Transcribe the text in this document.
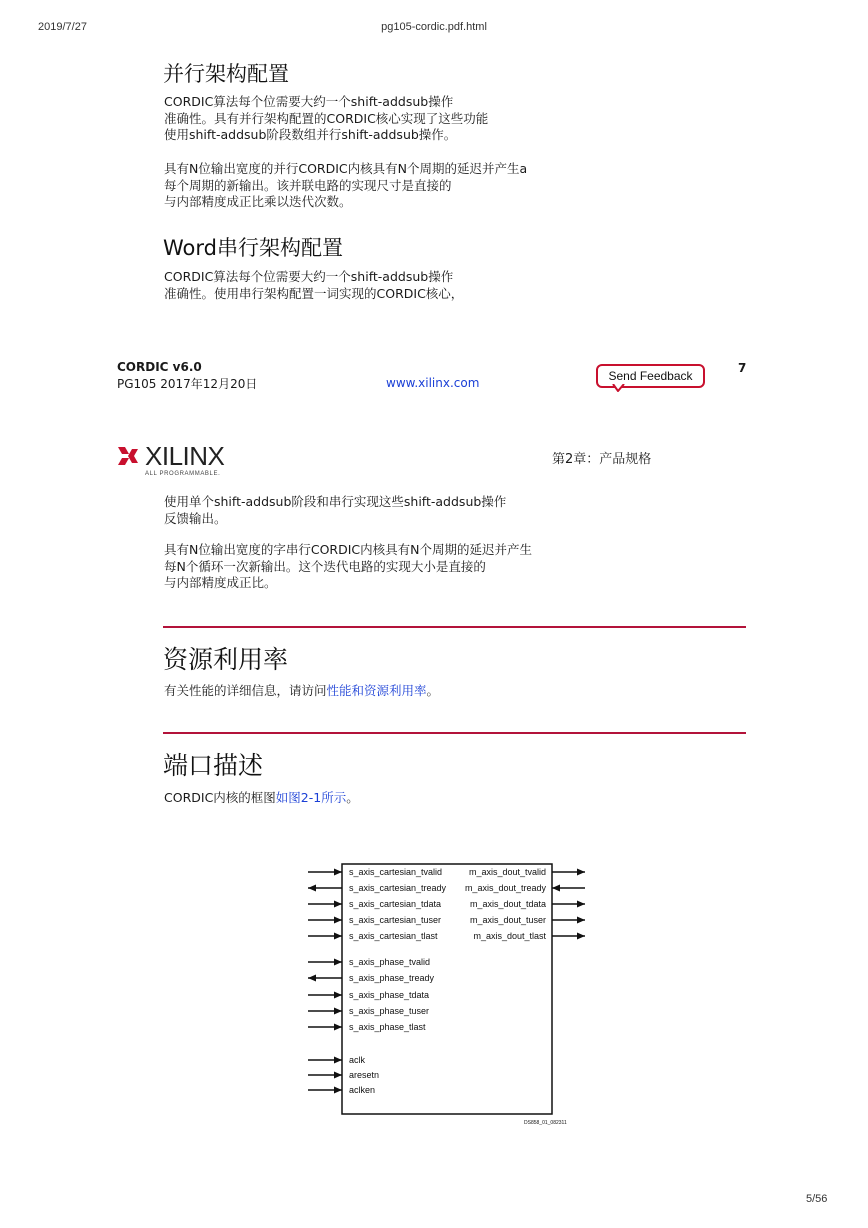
2019/7/27	pg105-cordic.pdf.html
并行架构配置
CORDIC算法每个位需要大约一个shift-addsub操作
准确性。具有并行架构配置的CORDIC核心实现了这些功能
使用shift-addsub阶段数组并行shift-addsub操作。
具有N位输出宽度的并行CORDIC内核具有N个周期的延迟并产生a
每个周期的新输出。该并联电路的实现尺寸是直接的
与内部精度成正比乘以迭代次数。
Word串行架构配置
CORDIC算法每个位需要大约一个shift-addsub操作
准确性。使用串行架构配置一词实现的CORDIC核心，
CORDIC v6.0
PG105 2017年12月20日	www.xilinx.com	Send Feedback
7
XILINX
ALL PROGRAMMABLE.
第2章：产品规格
使用单个shift-addsub阶段和串行实现这些shift-addsub操作
反馈输出。
具有N位输出宽度的字串行CORDIC内核具有N个周期的延迟并产生
每N个循环一次新输出。这个迭代电路的实现大小是直接的
与内部精度成正比。
资源利用率
有关性能的详细信息，请访问性能和资源利用率。
端口描述
CORDIC内核的框图如图2-1所示。
DS858_01_082311
s_axis_cartesian_tvalid
s_axis_cartesian_tready
s_axis_cartesian_tdata
s_axis_cartesian_tuser
s_axis_cartesian_tlast
s_axis_phase_tvalid
s_axis_phase_tready
s_axis_phase_tdata
s_axis_phase_tuser
s_axis_phase_tlast
aclk
aresetn
aclken
m_axis_dout_tvalid
m_axis_dout_tready
m_axis_dout_tdata
m_axis_dout_tuser
m_axis_dout_tlast
5/56
